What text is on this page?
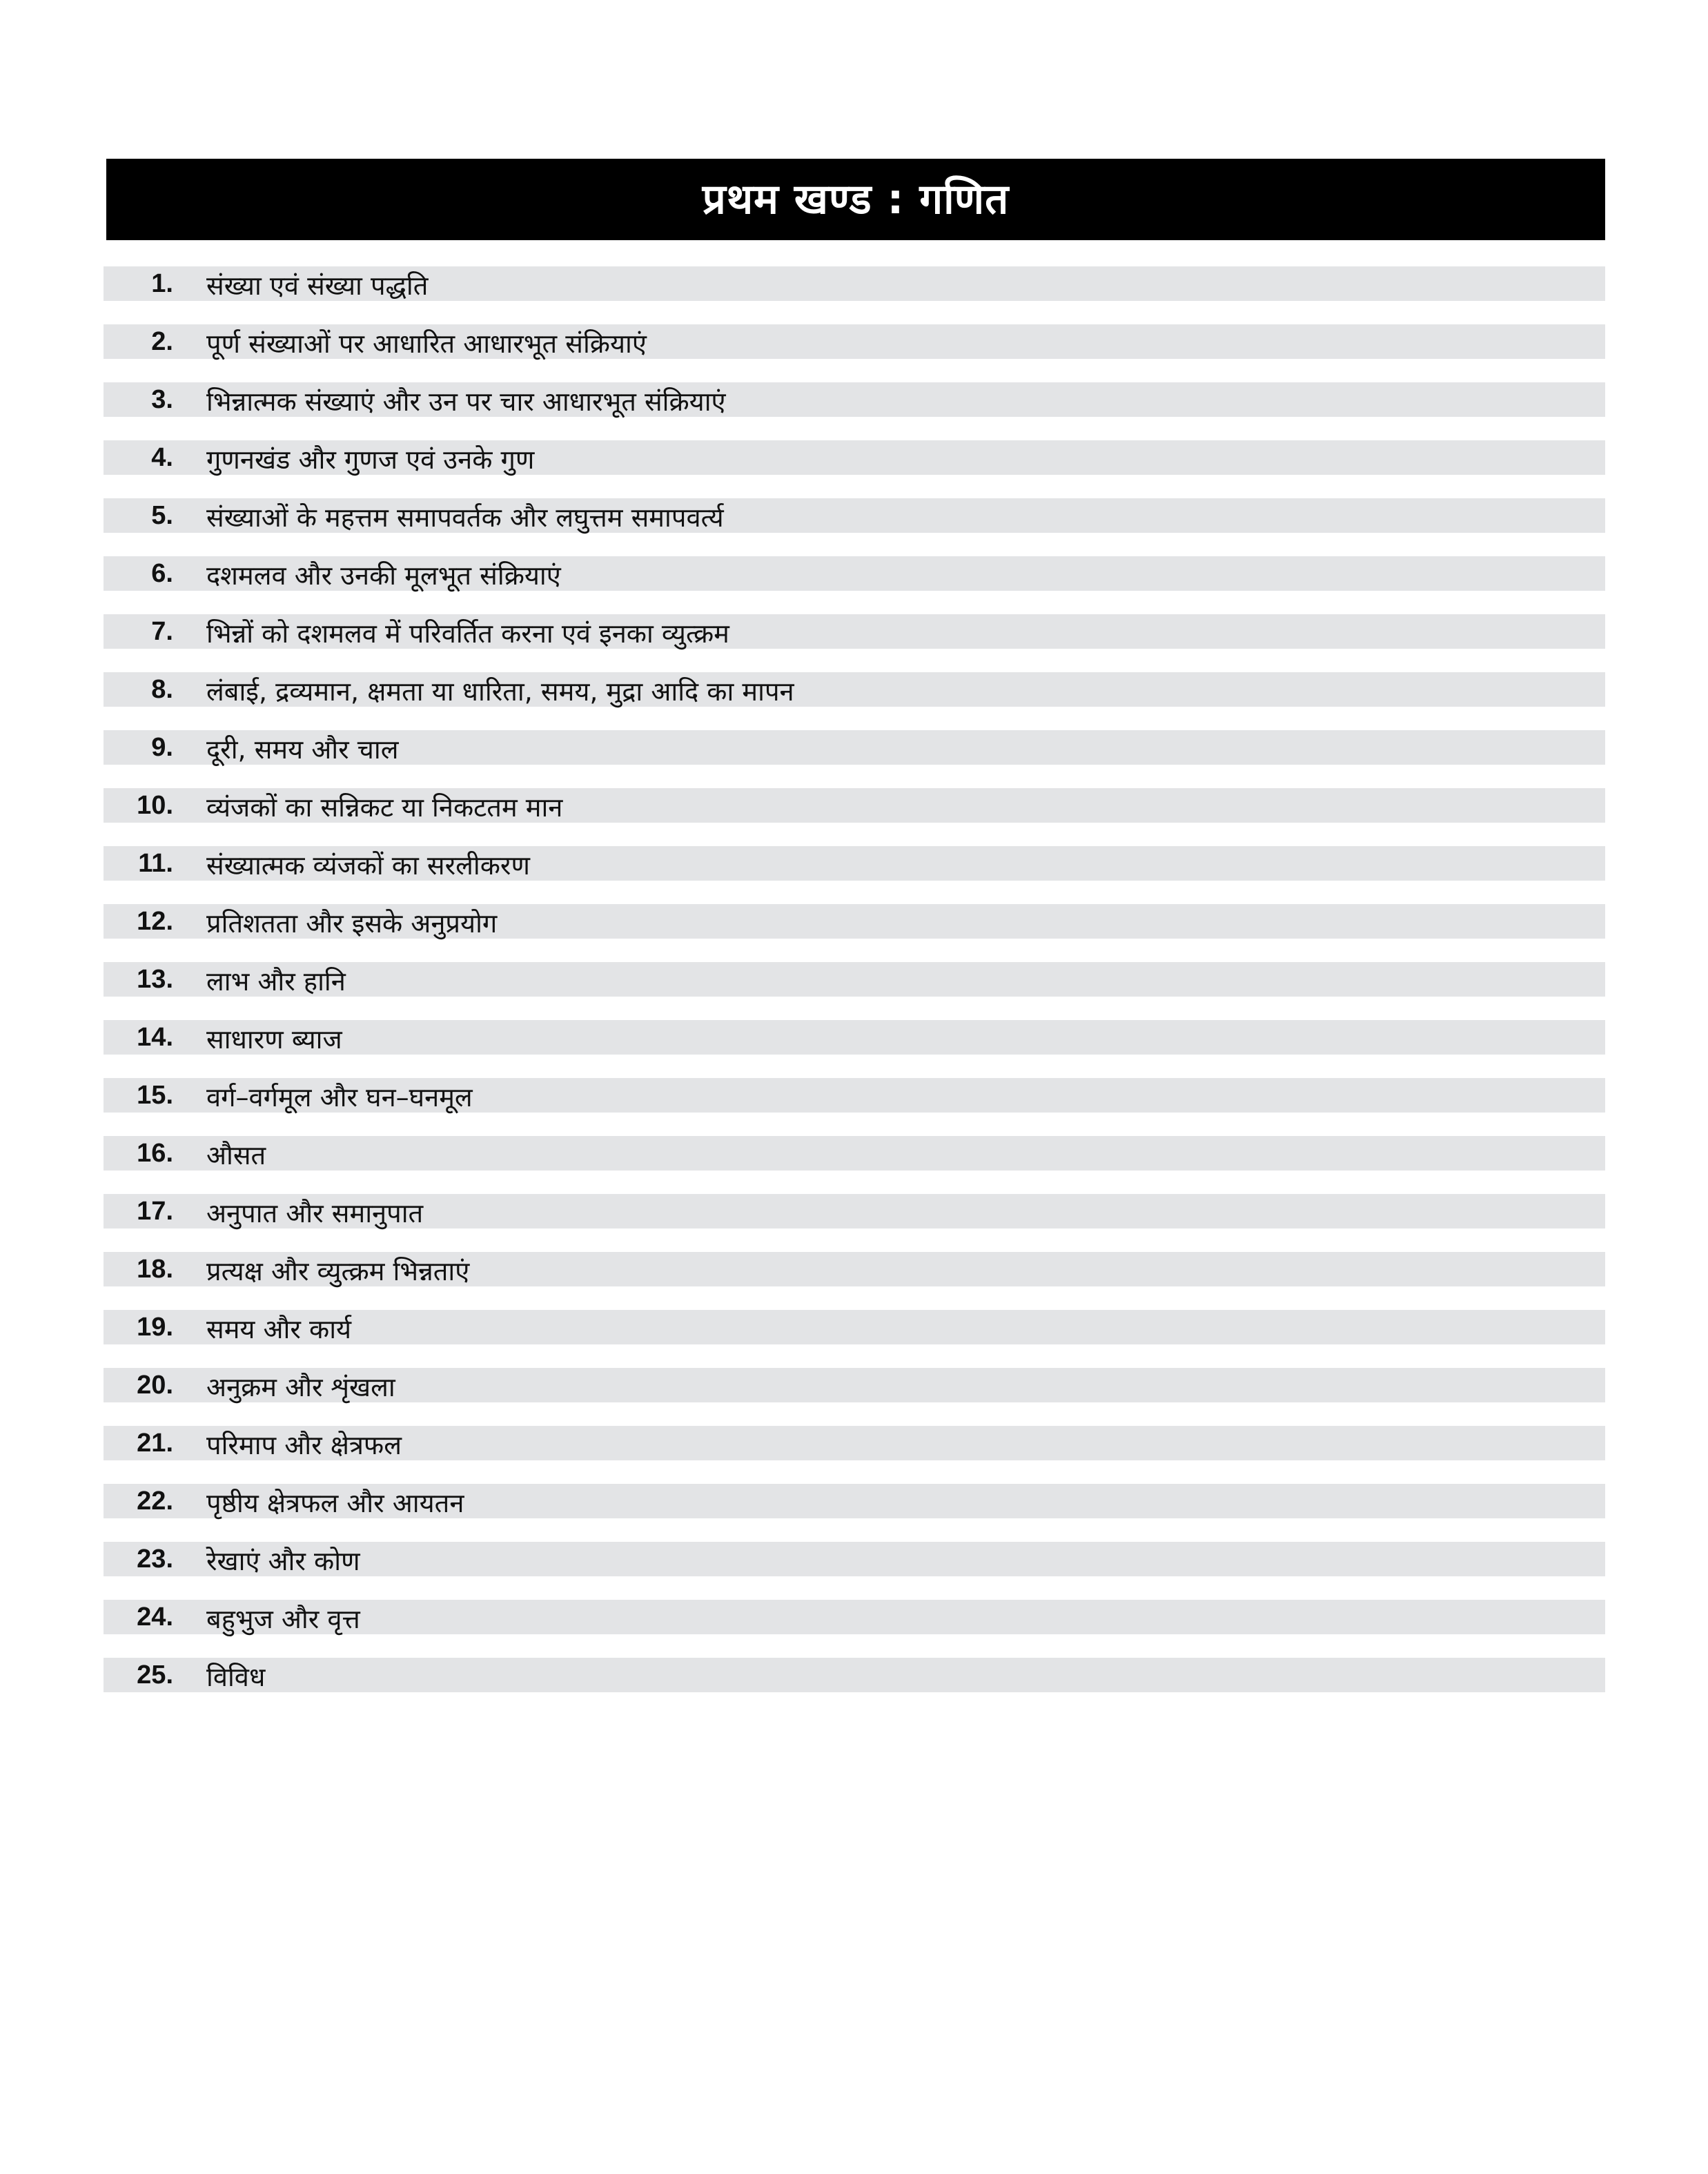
प्रथम खण्ड : गणित
1. संख्या एवं संख्या पद्धति
2. पूर्ण संख्याओं पर आधारित आधारभूत संक्रियाएं
3. भिन्नात्मक संख्याएं और उन पर चार आधारभूत संक्रियाएं
4. गुणनखंड और गुणज एवं उनके गुण
5. संख्याओं के महत्तम समापवर्तक और लघुत्तम समापवर्त्य
6. दशमलव और उनकी मूलभूत संक्रियाएं
7. भिन्नों को दशमलव में परिवर्तित करना एवं इनका व्युत्क्रम
8. लंबाई, द्रव्यमान, क्षमता या धारिता, समय, मुद्रा आदि का मापन
9. दूरी, समय और चाल
10. व्यंजकों का सन्निकट या निकटतम मान
11. संख्यात्मक व्यंजकों का सरलीकरण
12. प्रतिशतता और इसके अनुप्रयोग
13. लाभ और हानि
14. साधारण ब्याज
15. वर्ग–वर्गमूल और घन–घनमूल
16. औसत
17. अनुपात और समानुपात
18. प्रत्यक्ष और व्युत्क्रम भिन्नताएं
19. समय और कार्य
20. अनुक्रम और शृंखला
21. परिमाप और क्षेत्रफल
22. पृष्ठीय क्षेत्रफल और आयतन
23. रेखाएं और कोण
24. बहुभुज और वृत्त
25. विविध
